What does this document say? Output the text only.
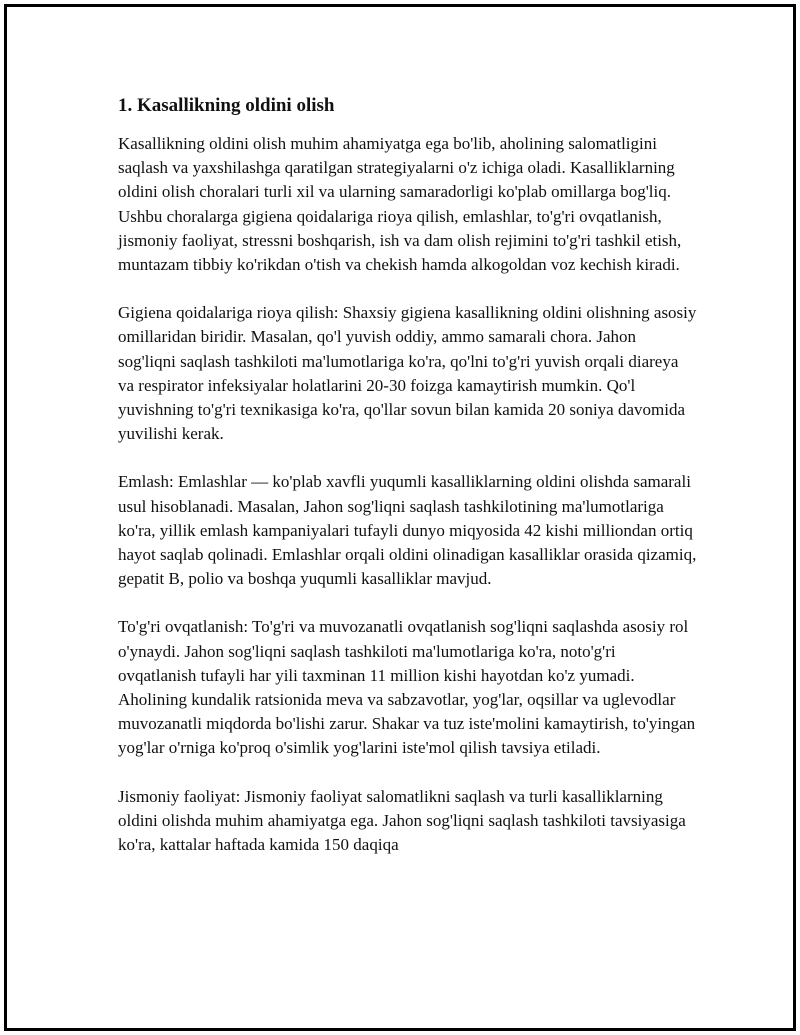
1. Kasallikning oldini olish

Kasallikning oldini olish muhim ahamiyatga ega bo'lib, aholining salomatligini saqlash va yaxshilashga qaratilgan strategiyalarni o'z ichiga oladi. Kasalliklarning oldini olish choralari turli xil va ularning samaradorligi ko'plab omillarga bog'liq. Ushbu choralarga gigiena qoidalariga rioya qilish, emlashlar, to'g'ri ovqatlanish, jismoniy faoliyat, stressni boshqarish, ish va dam olish rejimini to'g'ri tashkil etish, muntazam tibbiy ko'rikdan o'tish va chekish hamda alkogoldan voz kechish kiradi.

Gigiena qoidalariga rioya qilish: Shaxsiy gigiena kasallikning oldini olishning asosiy omillaridan biridir. Masalan, qo'l yuvish oddiy, ammo samarali chora. Jahon sog'liqni saqlash tashkiloti ma'lumotlariga ko'ra, qo'lni to'g'ri yuvish orqali diareya va respirator infeksiyalar holatlarini 20-30 foizga kamaytirish mumkin. Qo'l yuvishning to'g'ri texnikasiga ko'ra, qo'llar sovun bilan kamida 20 soniya davomida yuvilishi kerak.

Emlash: Emlashlar — ko'plab xavfli yuqumli kasalliklarning oldini olishda samarali usul hisoblanadi. Masalan, Jahon sog'liqni saqlash tashkilotining ma'lumotlariga ko'ra, yillik emlash kampaniyalari tufayli dunyo miqyosida 42 kishi milliondan ortiq hayot saqlab qolinadi. Emlashlar orqali oldini olinadigan kasalliklar orasida qizamiq, gepatit B, polio va boshqa yuqumli kasalliklar mavjud.

To'g'ri ovqatlanish: To'g'ri va muvozanatli ovqatlanish sog'liqni saqlashda asosiy rol o'ynaydi. Jahon sog'liqni saqlash tashkiloti ma'lumotlariga ko'ra, noto'g'ri ovqatlanish tufayli har yili taxminan 11 million kishi hayotdan ko'z yumadi. Aholining kundalik ratsionida meva va sabzavotlar, yog'lar, oqsillar va uglevodlar muvozanatli miqdorda bo'lishi zarur. Shakar va tuz iste'molini kamaytirish, to'yingan yog'lar o'rniga ko'proq o'simlik yog'larini iste'mol qilish tavsiya etiladi.

Jismoniy faoliyat: Jismoniy faoliyat salomatlikni saqlash va turli kasalliklarning oldini olishda muhim ahamiyatga ega. Jahon sog'liqni saqlash tashkiloti tavsiyasiga ko'ra, kattalar haftada kamida 150 daqiqa
